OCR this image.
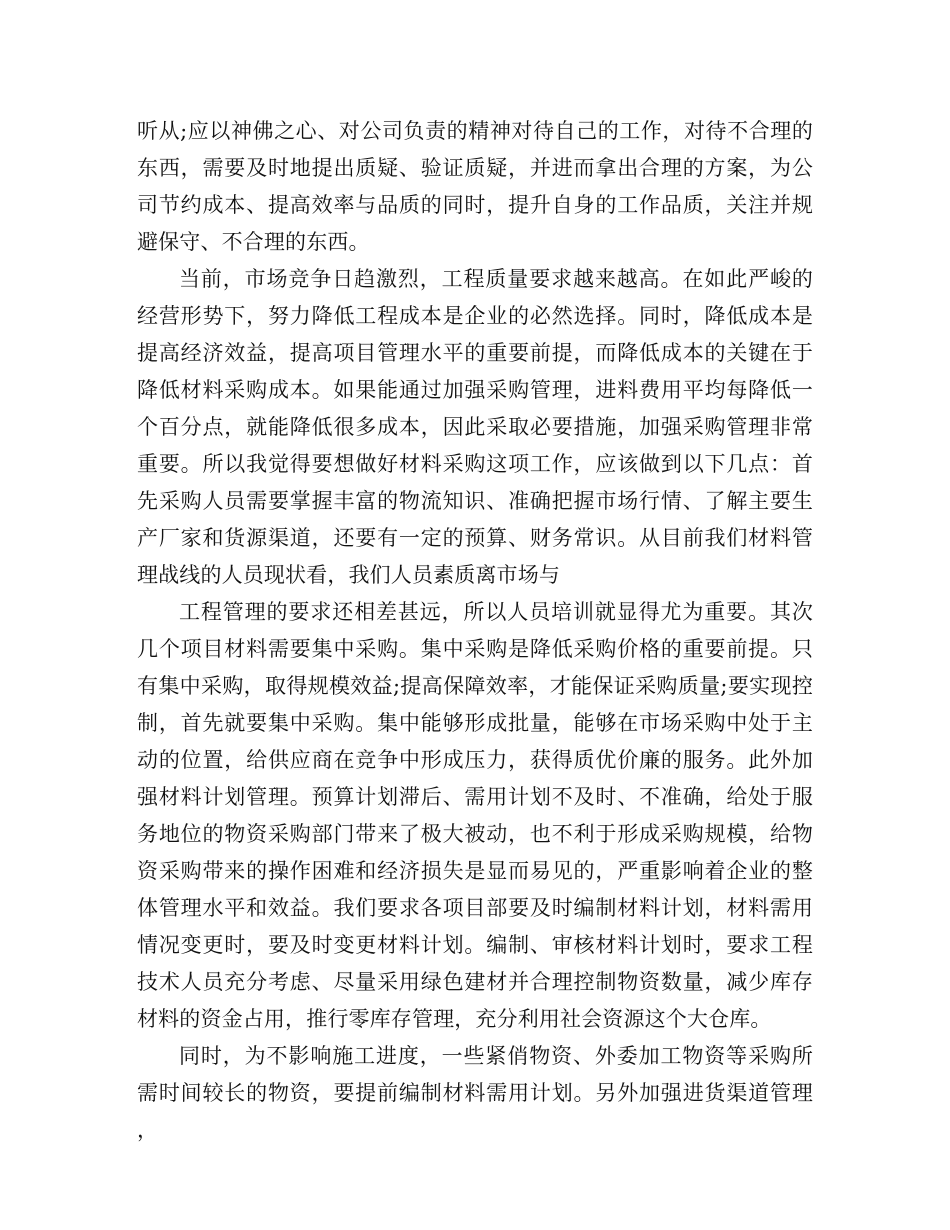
听从;应以神佛之心、对公司负责的精神对待自己的工作，对待不合理的东西，需要及时地提出质疑、验证质疑，并进而拿出合理的方案，为公司节约成本、提高效率与品质的同时，提升自身的工作品质，关注并规避保守、不合理的东西。

当前，市场竞争日趋激烈，工程质量要求越来越高。在如此严峻的经营形势下，努力降低工程成本是企业的必然选择。同时，降低成本是提高经济效益，提高项目管理水平的重要前提，而降低成本的关键在于降低材料采购成本。如果能通过加强采购管理，进料费用平均每降低一个百分点，就能降低很多成本，因此采取必要措施，加强采购管理非常重要。所以我觉得要想做好材料采购这项工作，应该做到以下几点：首先采购人员需要掌握丰富的物流知识、准确把握市场行情、了解主要生产厂家和货源渠道，还要有一定的预算、财务常识。从目前我们材料管理战线的人员现状看，我们人员素质离市场与

工程管理的要求还相差甚远，所以人员培训就显得尤为重要。其次几个项目材料需要集中采购。集中采购是降低采购价格的重要前提。只有集中采购，取得规模效益;提高保障效率，才能保证采购质量;要实现控制，首先就要集中采购。集中能够形成批量，能够在市场采购中处于主动的位置，给供应商在竞争中形成压力，获得质优价廉的服务。此外加强材料计划管理。预算计划滞后、需用计划不及时、不准确，给处于服务地位的物资采购部门带来了极大被动，也不利于形成采购规模，给物资采购带来的操作困难和经济损失是显而易见的，严重影响着企业的整体管理水平和效益。我们要求各项目部要及时编制材料计划，材料需用情况变更时，要及时变更材料计划。编制、审核材料计划时，要求工程技术人员充分考虑、尽量采用绿色建材并合理控制物资数量，减少库存材料的资金占用，推行零库存管理，充分利用社会资源这个大仓库。

同时，为不影响施工进度，一些紧俏物资、外委加工物资等采购所需时间较长的物资，要提前编制材料需用计划。另外加强进货渠道管理，
